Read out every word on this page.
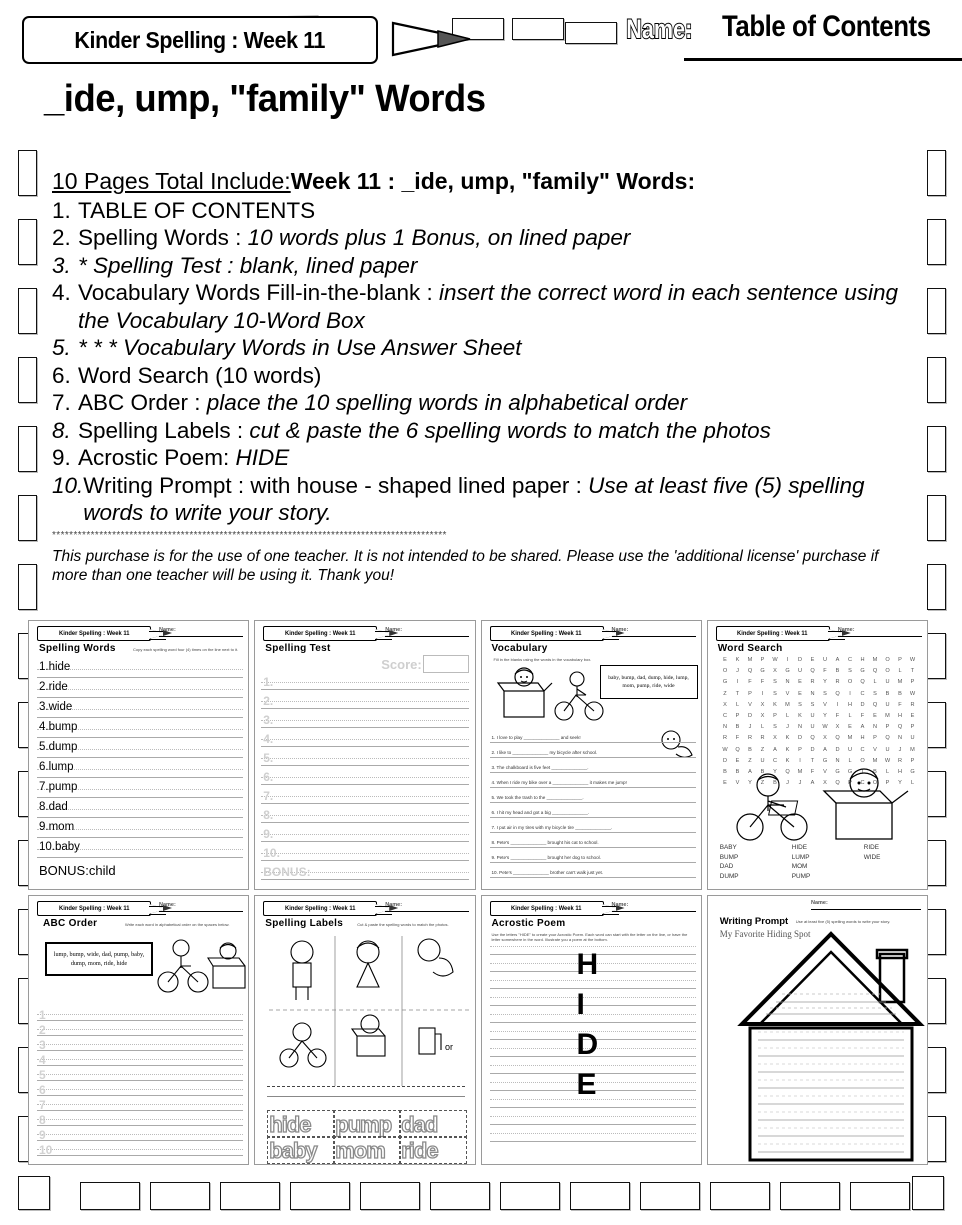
Kinder Spelling : Week 11	Name: Table of Contents
_ide, ump, "family" Words
10 Pages Total Include:Week 11 : _ide, ump, "family" Words:
1. TABLE OF CONTENTS
2. Spelling Words : 10 words plus 1 Bonus, on lined paper
3. * Spelling Test : blank, lined paper
4. Vocabulary Words Fill-in-the-blank : insert the correct word in each sentence using the Vocabulary 10-Word Box
5. * * * Vocabulary Words in Use Answer Sheet
6. Word Search (10 words)
7. ABC Order : place the 10 spelling words in alphabetical order
8. Spelling Labels : cut & paste the 6 spelling words to match the photos
9. Acrostic Poem: HIDE
10. Writing Prompt : with house - shaped lined paper : Use at least five (5) spelling words to write your story.
********************************************************************************************
This purchase is for the use of one teacher. It is not intended to be shared. Please use the 'additional license' purchase if more than one teacher will be using it. Thank you!
Kinder Spelling : Week 11	Name:
Spelling Words	Copy each spelling word four (4) times on the line next to it.
1.hide
2.ride
3.wide
4.bump
5.dump
6.lump
7.pump
8.dad
9.mom
10.baby
BONUS:child
Kinder Spelling : Week 11	Name:
Spelling Test
Score:
1.
2.
3.
4.
5.
6.
7.
8.
9.
10.
BONUS:
Kinder Spelling : Week 11	Name:
Vocabulary
Fill in the blanks using the words in the vocabulary box.
baby, bump, dad, dump, hide, lump, mom, pump, ride, wide
1. I love to play ______________ and seek!
2. I like to ______________ my bicycle after school.
3. The chalkboard is five feet ______________.
4. When I ride my bike over a ______________ it makes me jump!
5. We took the trash to the ______________.
6. I hit my head and got a big ______________.
7. I put air in my tires with my bicycle tire ______________.
8. Pete's ______________ brought his cat to school.
9. Pete's ______________ brought her dog to school.
10. Pete's ______________ brother can't walk just yet.
Kinder Spelling : Week 11	Name:
Word Search
E	K	M	P	W	I	D	E	U	A	C	H	M	O	P	W
O	J	Q	G	X	G	U	Q	F	B	S	G	Q	O	L	T
G	I	F	F	S	N	E	R	Y	R	O	Q	L	U	M	P
Z	T	P	I	S	V	E	N	S	Q	I	C	S	B	B	W
X	L	V	X	K	M	S	S	V	I	H	D	Q	U	F	R
C	P	D	X	P	L	K	U	Y	F	L	F	E	M	H	E
N	B	J	L	S	J	N	U	W	X	E	A	N	P	Q	P
R	F	R	R	X	K	D	Q	X	Q	M	H	P	Q	N	U
W	Q	B	Z	A	K	P	D	A	D	U	C	V	U	J	M
D	E	Z	U	C	K	I	T	G	N	L	O	M	W	R	P
B	B	A	B	Y	Q	M	F	V	G	G	I	B	L	H	G
E	V	Y	Z	B	J	J	A	X	Q	P	C	O	P	Y	L
BABY
BUMP
DAD
DUMP
HIDE
LUMP
MOM
PUMP
RIDE
WIDE
Kinder Spelling : Week 11	Name:
ABC Order	Write each word in alphabetical order on the spaces below.
lump, bump, wide, dad, pump, baby, dump, mom, ride, hide
1
2
3
4
5
6
7
8
9
10
Kinder Spelling : Week 11	Name:
Spelling Labels	Cut & paste the spelling words to match the photos.
or
hide pump dad
baby mom ride
Kinder Spelling : Week 11	Name:
Acrostic Poem
Use the letters "HIDE" to create your Acrostic Poem. Each word can start with the letter on the line, or have the letter somewhere in the word. Illustrate you a poem at the bottom.
H
I
D
E
Name:
Writing Prompt Use at least five (5) spelling words to write your story.
My Favorite Hiding Spot
